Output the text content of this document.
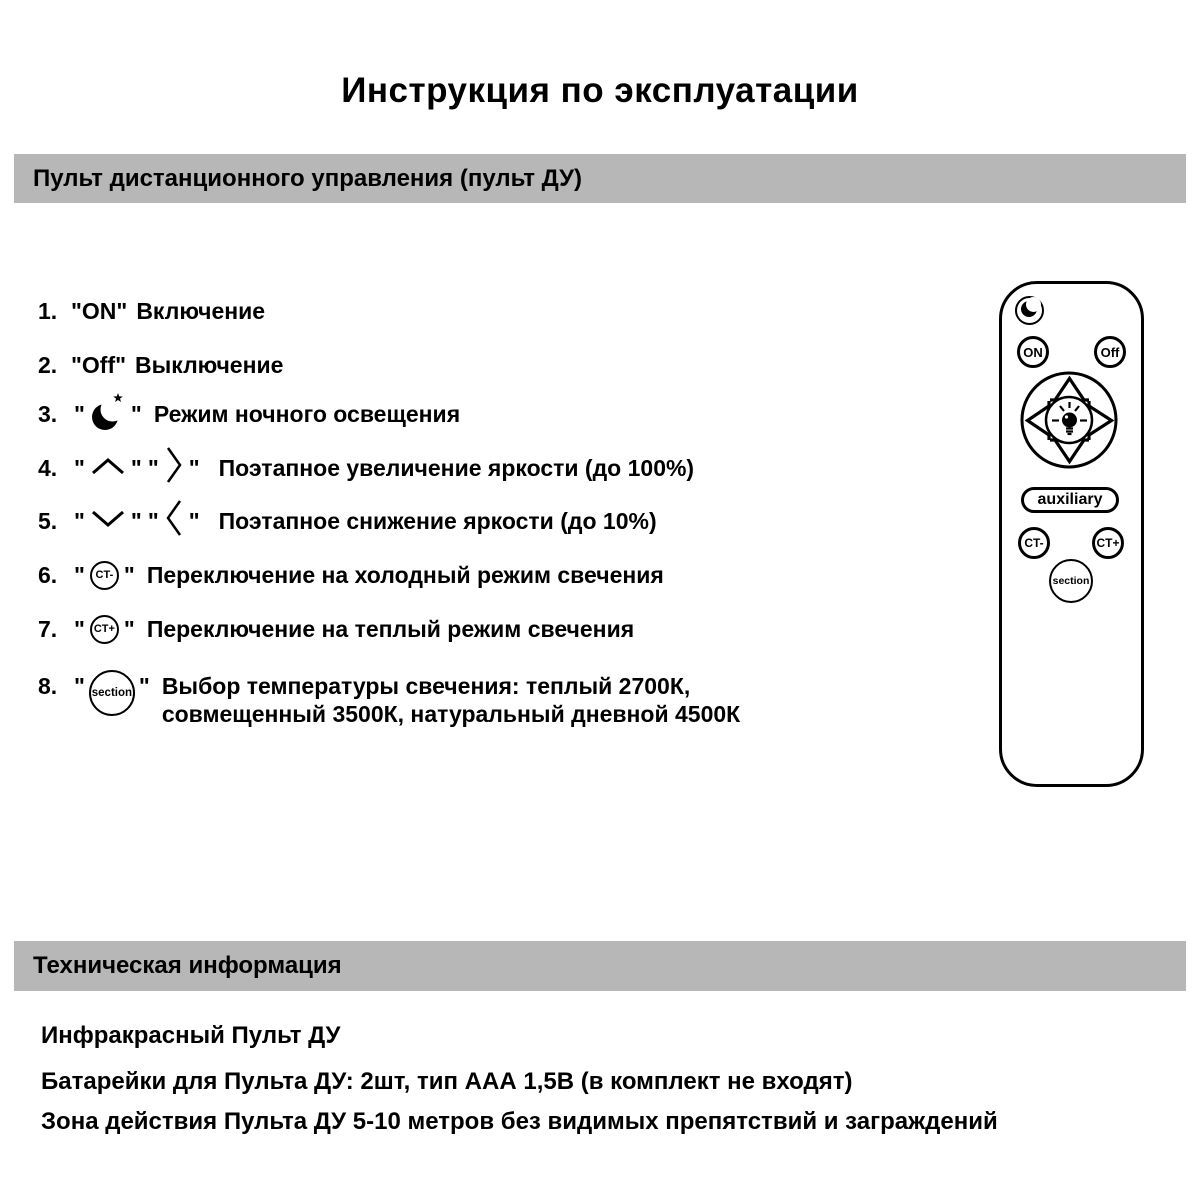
Инструкция по эксплуатации
Пульт дистанционного управления (пульт ДУ)
1. "ON" Включение
2. "Off" Выключение
3. " " Режим ночного освещения
4. " " " " Поэтапное увеличение яркости (до 100%)
5. " " " " Поэтапное снижение яркости (до 10%)
6. " CT- " Переключение на холодный режим свечения
7. " CT+ " Переключение на теплый режим свечения
8. " section " Выбор температуры свечения: теплый 2700К,
совмещенный 3500К, натуральный дневной 4500К
ON	Off
auxiliary
CT-	CT+
section
Техническая информация
Инфракрасный Пульт ДУ
Батарейки для Пульта ДУ: 2шт, тип ААА 1,5В (в комплект не входят)
Зона действия Пульта ДУ 5-10 метров без видимых препятствий и заграждений
